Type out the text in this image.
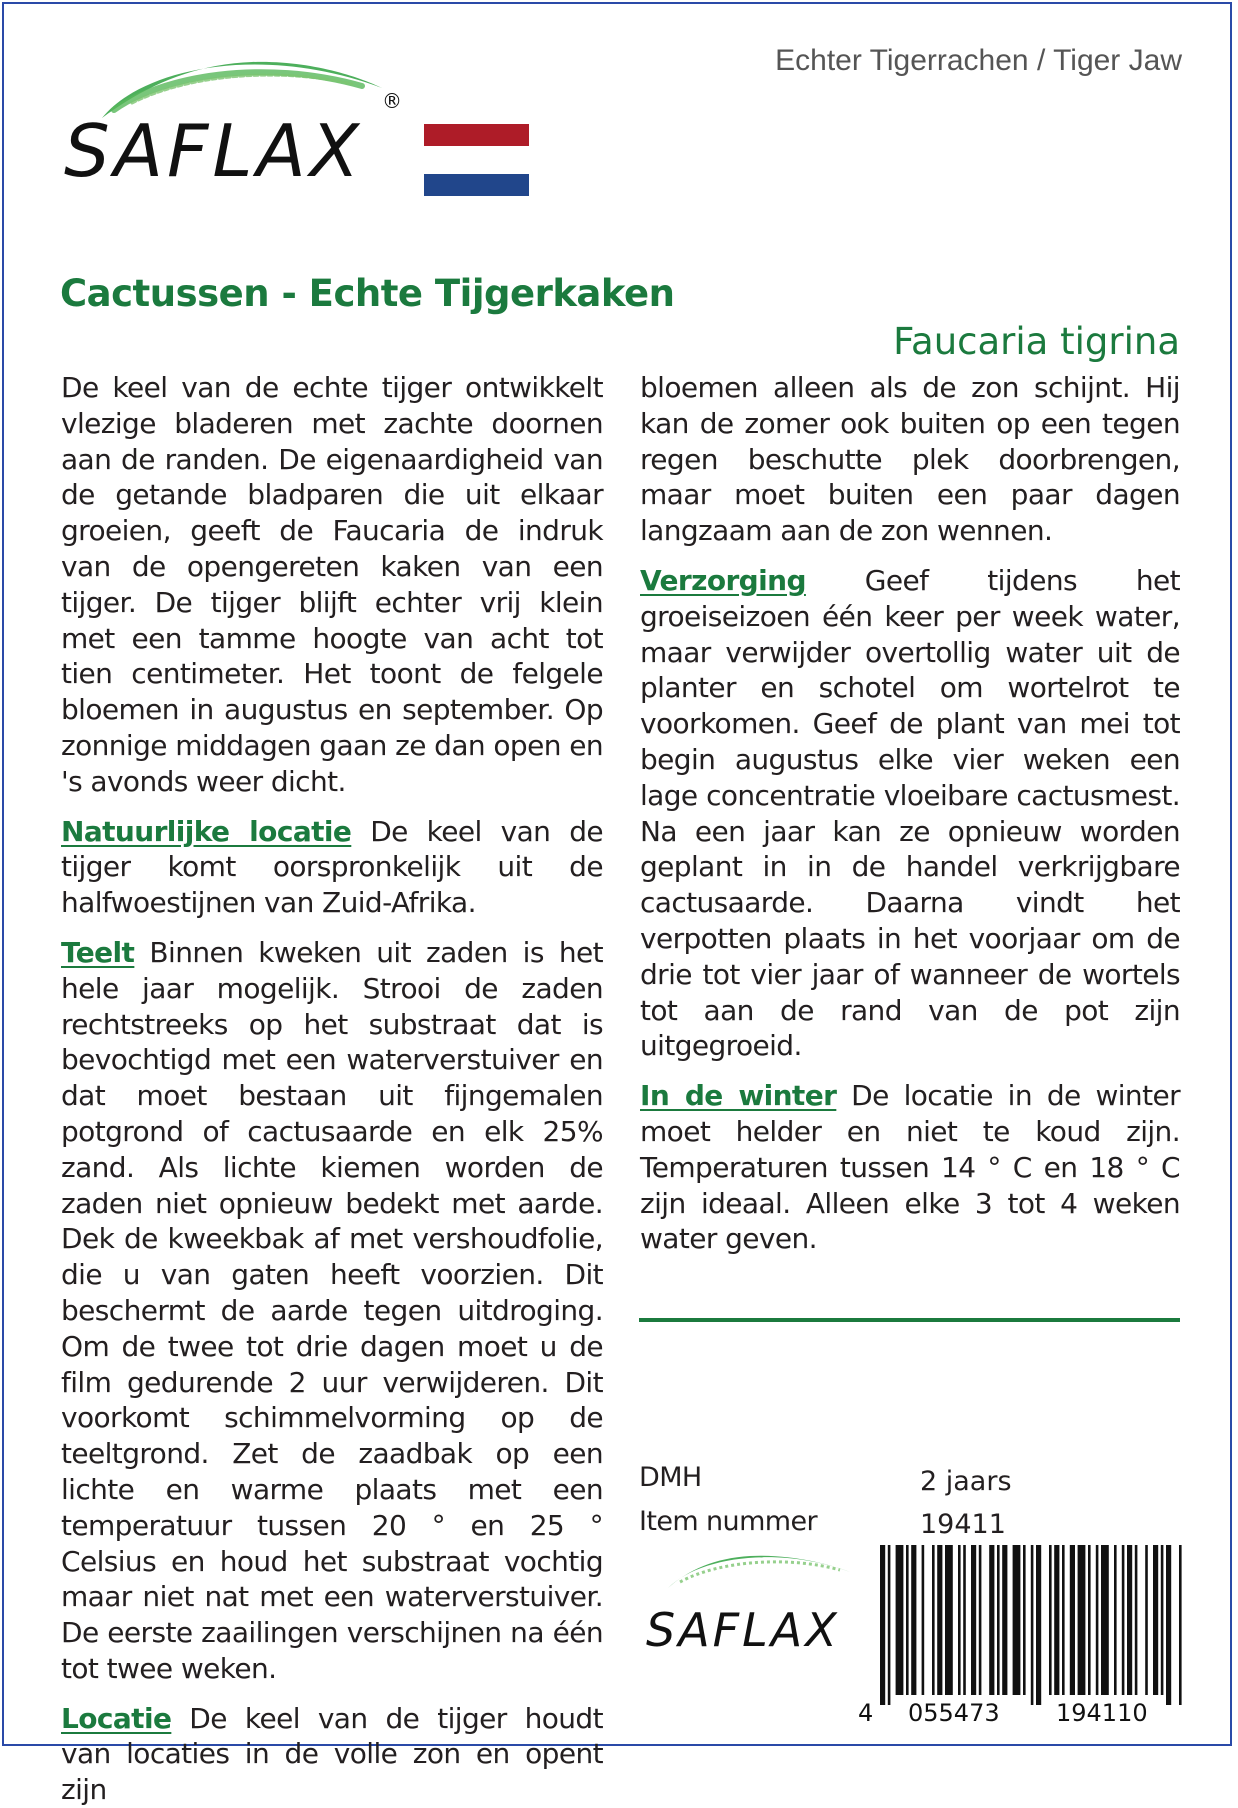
SAFLAX
®
Echter Tigerrachen / Tiger Jaw
Cactussen - Echte Tijgerkaken
Faucaria tigrina

De keel van de echte tijger ontwikkelt vlezige bladeren met zachte doornen aan de randen. De eigenaardigheid van de getande bladparen die uit elkaar groeien, geeft de Faucaria de indruk van de opengereten kaken van een tijger. De tijger blijft echter vrij klein met een tamme hoogte van acht tot tien centimeter. Het toont de felgele bloemen in augustus en september. Op zonnige middagen gaan ze dan open en 's avonds weer dicht.

Natuurlijke locatie De keel van de tijger komt oorspronkelijk uit de halfwoestijnen van Zuid-Afrika.

Teelt Binnen kweken uit zaden is het hele jaar mogelijk. Strooi de zaden rechtstreeks op het substraat dat is bevochtigd met een waterverstuiver en dat moet bestaan uit fijngemalen potgrond of cactusaarde en elk 25% zand. Als lichte kiemen worden de zaden niet opnieuw bedekt met aarde. Dek de kweekbak af met vershoudfolie, die u van gaten heeft voorzien. Dit beschermt de aarde tegen uitdroging. Om de twee tot drie dagen moet u de film gedurende 2 uur verwijderen. Dit voorkomt schimmelvorming op de teeltgrond. Zet de zaadbak op een lichte en warme plaats met een temperatuur tussen 20 ° en 25 ° Celsius en houd het substraat vochtig maar niet nat met een waterverstuiver. De eerste zaailingen verschijnen na één tot twee weken.

Locatie De keel van de tijger houdt van locaties in de volle zon en opent zijn

bloemen alleen als de zon schijnt. Hij kan de zomer ook buiten op een tegen regen beschutte plek doorbrengen, maar moet buiten een paar dagen langzaam aan de zon wennen.

Verzorging Geef tijdens het groeiseizoen één keer per week water, maar verwijder overtollig water uit de planter en schotel om wortelrot te voorkomen. Geef de plant van mei tot begin augustus elke vier weken een lage concentratie vloeibare cactusmest. Na een jaar kan ze opnieuw worden geplant in in de handel verkrijgbare cactusaarde. Daarna vindt het verpotten plaats in het voorjaar om de drie tot vier jaar of wanneer de wortels tot aan de rand van de pot zijn uitgegroeid.

In de winter De locatie in de winter moet helder en niet te koud zijn. Temperaturen tussen 14 ° C en 18 ° C zijn ideaal. Alleen elke 3 tot 4 weken water geven.

DMH	2 jaars
Item nummer	19411
SAFLAX
4 055473 194110
